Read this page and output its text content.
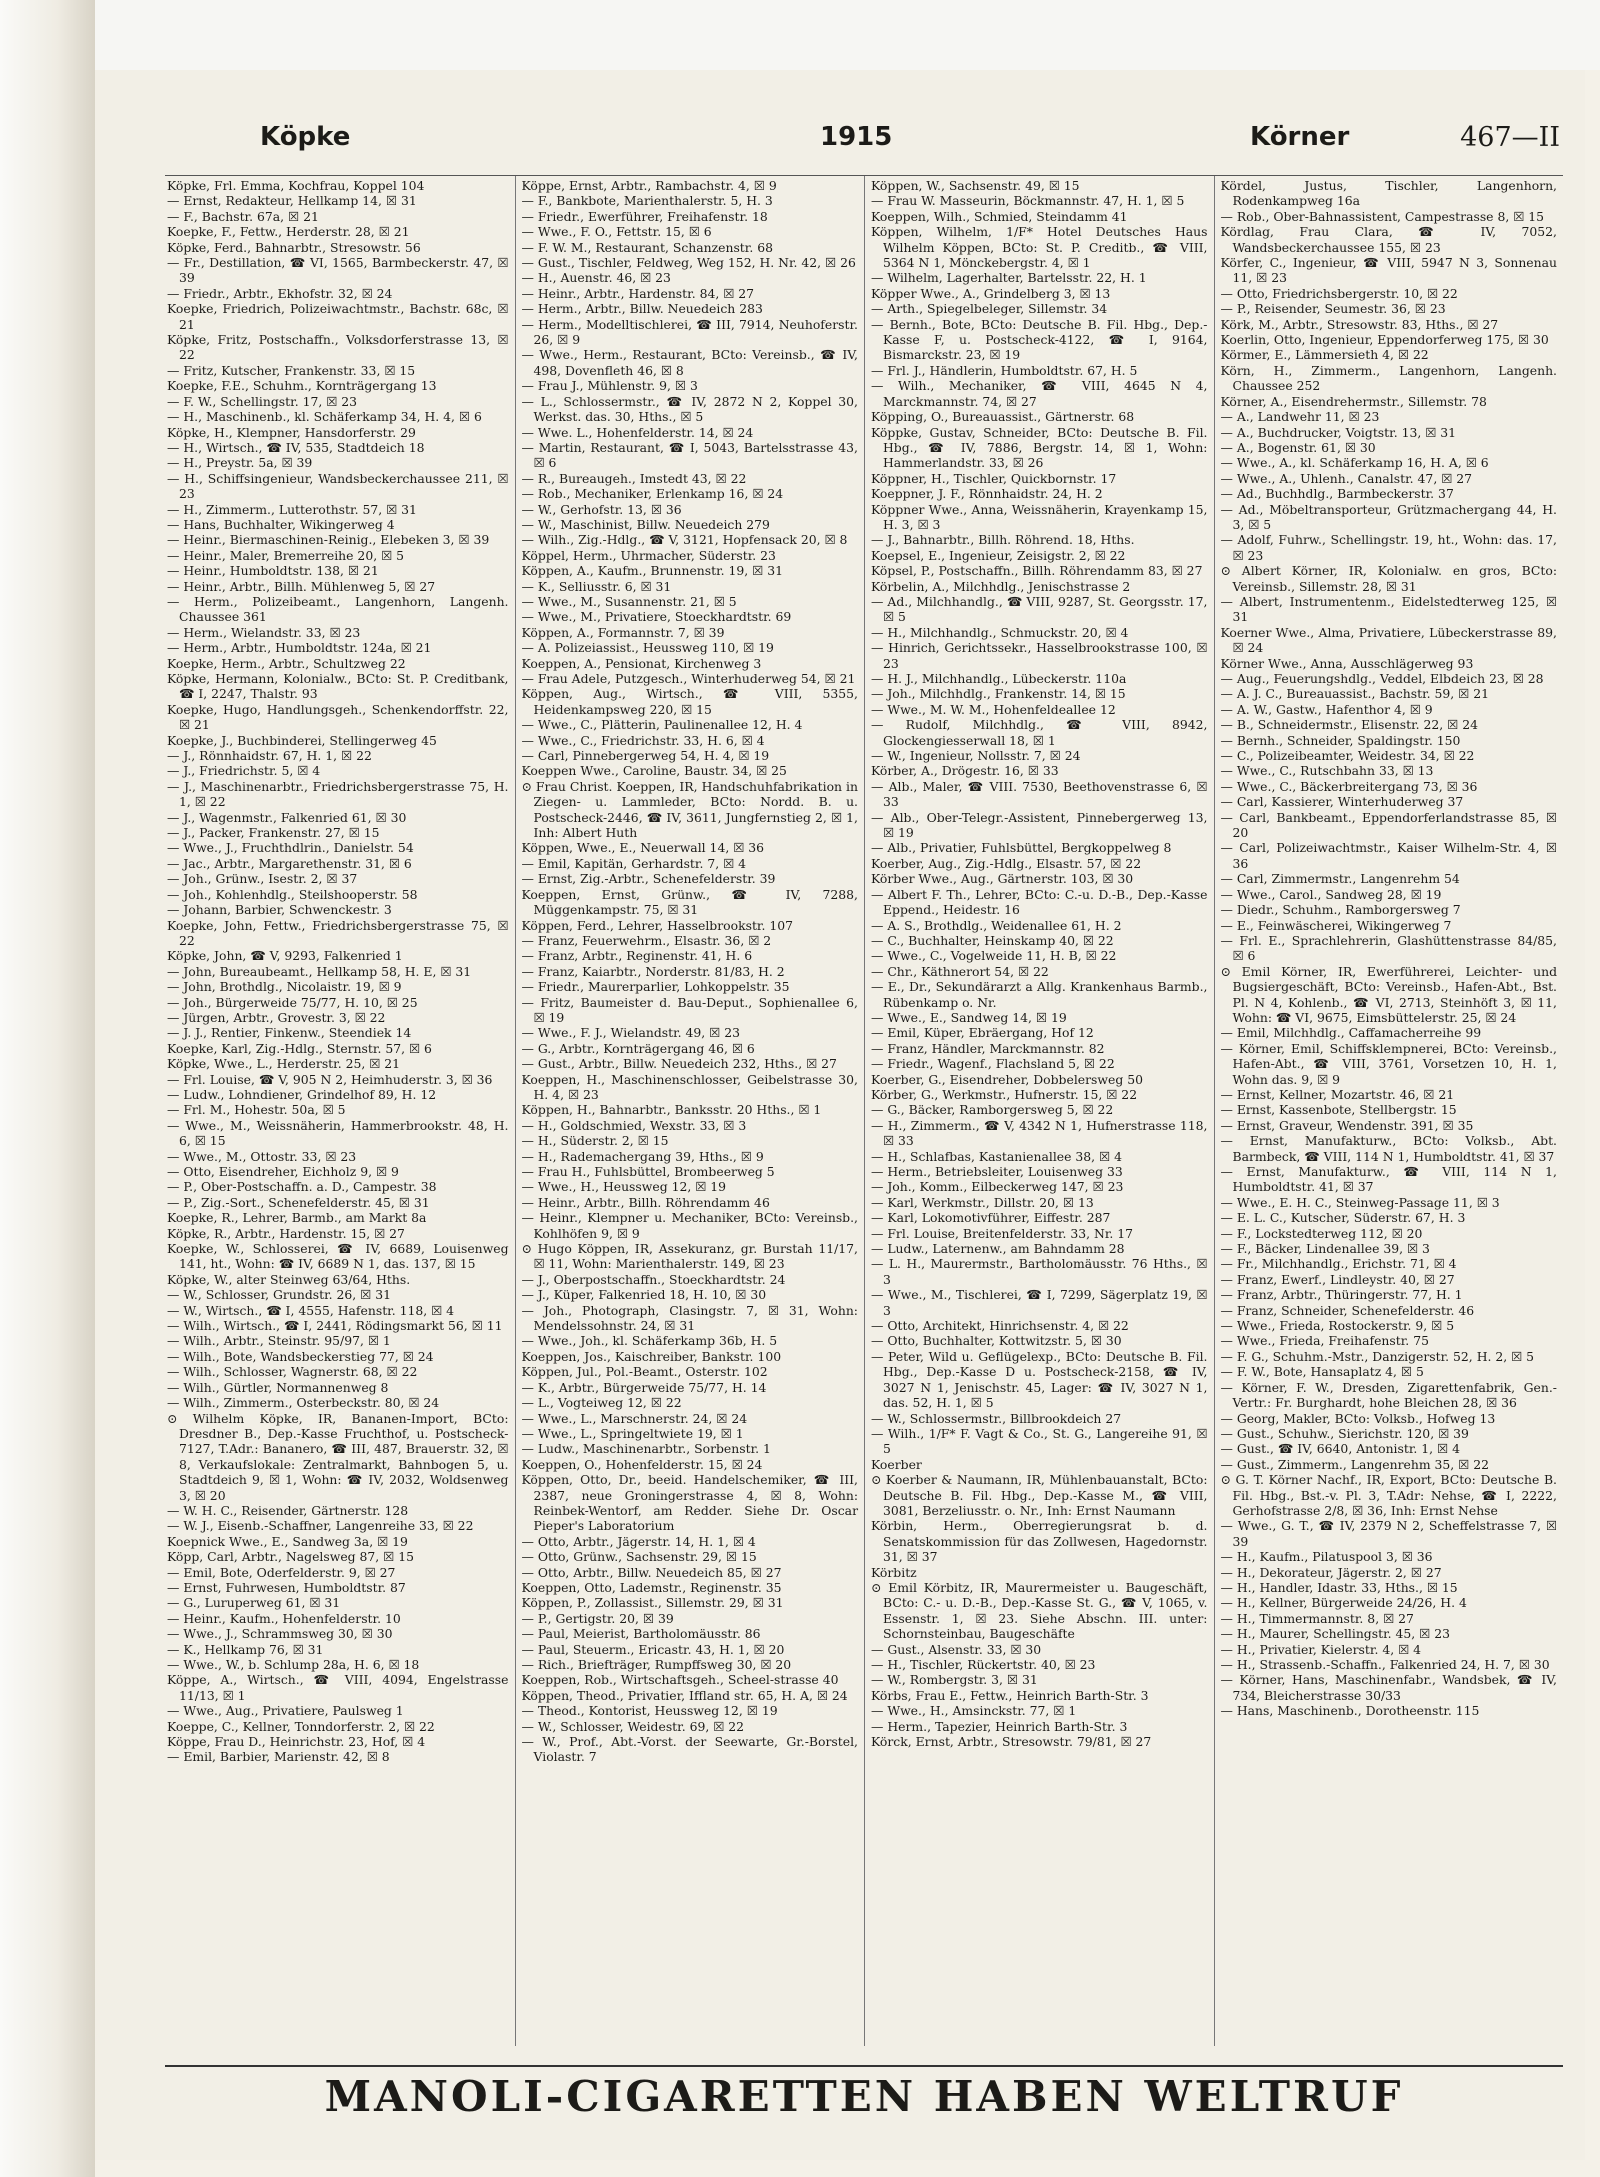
Köpke	1915	Körner	467—II

Köpke, Frl. Emma, Kochfrau, Koppel 104

— Ernst, Redakteur, Hellkamp 14, ☒ 31

— F., Bachstr. 67a, ☒ 21

Koepke, F., Fettw., Herderstr. 28, ☒ 21

Köpke, Ferd., Bahnarbtr., Stresowstr. 56

— Fr., Destillation, ☎ VI, 1565, Barmbeckerstr. 47, ☒ 39

— Friedr., Arbtr., Ekhofstr. 32, ☒ 24

Koepke, Friedrich, Polizeiwachtmstr., Bachstr. 68c, ☒ 21

Köpke, Fritz, Postschaffn., Volksdorferstrasse 13, ☒ 22

— Fritz, Kutscher, Frankenstr. 33, ☒ 15

Koepke, F.E., Schuhm., Kornträgergang 13

— F. W., Schellingstr. 17, ☒ 23

— H., Maschinenb., kl. Schäferkamp 34, H. 4, ☒ 6

Köpke, H., Klempner, Hansdorferstr. 29

— H., Wirtsch., ☎ IV, 535, Stadtdeich 18

— H., Preystr. 5a, ☒ 39

— H., Schiffsingenieur, Wandsbeckerchaussee 211, ☒ 23

— H., Zimmerm., Lutterothstr. 57, ☒ 31

— Hans, Buchhalter, Wikingerweg 4

— Heinr., Biermaschinen-Reinig., Elebeken 3, ☒ 39

— Heinr., Maler, Bremerreihe 20, ☒ 5

— Heinr., Humboldtstr. 138, ☒ 21

— Heinr., Arbtr., Billh. Mühlenweg 5, ☒ 27

— Herm., Polizeibeamt., Langenhorn, Langenh. Chaussee 361

— Herm., Wielandstr. 33, ☒ 23

— Herm., Arbtr., Humboldtstr. 124a, ☒ 21

Koepke, Herm., Arbtr., Schultzweg 22

Köpke, Hermann, Kolonialw., BCto: St. P. Creditbank, ☎ I, 2247, Thalstr. 93

Koepke, Hugo, Handlungsgeh., Schenkendorffstr. 22, ☒ 21

Koepke, J., Buchbinderei, Stellingerweg 45

— J., Rönnhaidstr. 67, H. 1, ☒ 22

— J., Friedrichstr. 5, ☒ 4

— J., Maschinenarbtr., Friedrichsbergerstrasse 75, H. 1, ☒ 22

— J., Wagenmstr., Falkenried 61, ☒ 30

— J., Packer, Frankenstr. 27, ☒ 15

— Wwe., J., Fruchthdlrin., Danielstr. 54

— Jac., Arbtr., Margarethenstr. 31, ☒ 6

— Joh., Grünw., Isestr. 2, ☒ 37

— Joh., Kohlenhdlg., Steilshooperstr. 58

— Johann, Barbier, Schwenckestr. 3

Koepke, John, Fettw., Friedrichsbergerstrasse 75, ☒ 22

Köpke, John, ☎ V, 9293, Falkenried 1

— John, Bureaubeamt., Hellkamp 58, H. E, ☒ 31

— John, Brothdlg., Nicolaistr. 19, ☒ 9

— Joh., Bürgerweide 75/77, H. 10, ☒ 25

— Jürgen, Arbtr., Grovestr. 3, ☒ 22

— J. J., Rentier, Finkenw., Steendiek 14

Koepke, Karl, Zig.-Hdlg., Sternstr. 57, ☒ 6

Köpke, Wwe., L., Herderstr. 25, ☒ 21

— Frl. Louise, ☎ V, 905 N 2, Heimhuderstr. 3, ☒ 36

— Ludw., Lohndiener, Grindelhof 89, H. 12

— Frl. M., Hohestr. 50a, ☒ 5

— Wwe., M., Weissnäherin, Hammerbrookstr. 48, H. 6, ☒ 15

— Wwe., M., Ottostr. 33, ☒ 23

— Otto, Eisendreher, Eichholz 9, ☒ 9

— P., Ober-Postschaffn. a. D., Campestr. 38

— P., Zig.-Sort., Schenefelderstr. 45, ☒ 31

Koepke, R., Lehrer, Barmb., am Markt 8a

Köpke, R., Arbtr., Hardenstr. 15, ☒ 27

Koepke, W., Schlosserei, ☎ IV, 6689, Louisenweg 141, ht., Wohn: ☎ IV, 6689 N 1, das. 137, ☒ 15

Köpke, W., alter Steinweg 63/64, Hths.

— W., Schlosser, Grundstr. 26, ☒ 31

— W., Wirtsch., ☎ I, 4555, Hafenstr. 118, ☒ 4

— Wilh., Wirtsch., ☎ I, 2441, Rödingsmarkt 56, ☒ 11

— Wilh., Arbtr., Steinstr. 95/97, ☒ 1

— Wilh., Bote, Wandsbeckerstieg 77, ☒ 24

— Wilh., Schlosser, Wagnerstr. 68, ☒ 22

— Wilh., Gürtler, Normannenweg 8

— Wilh., Zimmerm., Osterbeckstr. 80, ☒ 24

⊙ Wilhelm Köpke, IR, Bananen-Import, BCto: Dresdner B., Dep.-Kasse Fruchthof, u. Postscheck-7127, T.Adr.: Bananero, ☎ III, 487, Brauerstr. 32, ☒ 8, Verkaufslokale: Zentralmarkt, Bahnbogen 5, u. Stadtdeich 9, ☒ 1, Wohn: ☎ IV, 2032, Woldsenweg 3, ☒ 20

— W. H. C., Reisender, Gärtnerstr. 128

— W. J., Eisenb.-Schaffner, Langenreihe 33, ☒ 22

Koepnick Wwe., E., Sandweg 3a, ☒ 19

Köpp, Carl, Arbtr., Nagelsweg 87, ☒ 15

— Emil, Bote, Oderfelderstr. 9, ☒ 27

— Ernst, Fuhrwesen, Humboldtstr. 87

— G., Luruperweg 61, ☒ 31

— Heinr., Kaufm., Hohenfelderstr. 10

— Wwe., J., Schrammsweg 30, ☒ 30

— K., Hellkamp 76, ☒ 31

— Wwe., W., b. Schlump 28a, H. 6, ☒ 18

Köppe, A., Wirtsch., ☎ VIII, 4094, Engelstrasse 11/13, ☒ 1

— Wwe., Aug., Privatiere, Paulsweg 1

Koeppe, C., Kellner, Tonndorferstr. 2, ☒ 22

Köppe, Frau D., Heinrichstr. 23, Hof, ☒ 4

— Emil, Barbier, Marienstr. 42, ☒ 8

Köppe, Ernst, Arbtr., Rambachstr. 4, ☒ 9

— F., Bankbote, Marienthalerstr. 5, H. 3

— Friedr., Ewerführer, Freihafenstr. 18

— Wwe., F. O., Fettstr. 15, ☒ 6

— F. W. M., Restaurant, Schanzenstr. 68

— Gust., Tischler, Feldweg, Weg 152, H. Nr. 42, ☒ 26

— H., Auenstr. 46, ☒ 23

— Heinr., Arbtr., Hardenstr. 84, ☒ 27

— Herm., Arbtr., Billw. Neuedeich 283

— Herm., Modelltischlerei, ☎ III, 7914, Neuhoferstr. 26, ☒ 9

— Wwe., Herm., Restaurant, BCto: Vereinsb., ☎ IV, 498, Dovenfleth 46, ☒ 8

— Frau J., Mühlenstr. 9, ☒ 3

— L., Schlossermstr., ☎ IV, 2872 N 2, Koppel 30, Werkst. das. 30, Hths., ☒ 5

— Wwe. L., Hohenfelderstr. 14, ☒ 24

— Martin, Restaurant, ☎ I, 5043, Bartelsstrasse 43, ☒ 6

— R., Bureaugeh., Imstedt 43, ☒ 22

— Rob., Mechaniker, Erlenkamp 16, ☒ 24

— W., Gerhofstr. 13, ☒ 36

— W., Maschinist, Billw. Neuedeich 279

— Wilh., Zig.-Hdlg., ☎ V, 3121, Hopfensack 20, ☒ 8

Köppel, Herm., Uhrmacher, Süderstr. 23

Köppen, A., Kaufm., Brunnenstr. 19, ☒ 31

— K., Selliusstr. 6, ☒ 31

— Wwe., M., Susannenstr. 21, ☒ 5

— Wwe., M., Privatiere, Stoeckhardtstr. 69

Köppen, A., Formannstr. 7, ☒ 39

— A. Polizeiassist., Heussweg 110, ☒ 19

Koeppen, A., Pensionat, Kirchenweg 3

— Frau Adele, Putzgesch., Winterhuderweg 54, ☒ 21

Köppen, Aug., Wirtsch., ☎ VIII, 5355, Heidenkampsweg 220, ☒ 15

— Wwe., C., Plätterin, Paulinenallee 12, H. 4

— Wwe., C., Friedrichstr. 33, H. 6, ☒ 4

— Carl, Pinnebergerweg 54, H. 4, ☒ 19

Koeppen Wwe., Caroline, Baustr. 34, ☒ 25

⊙ Frau Christ. Koeppen, IR, Handschuhfabrikation in Ziegen- u. Lammleder, BCto: Nordd. B. u. Postscheck-2446, ☎ IV, 3611, Jungfernstieg 2, ☒ 1, Inh: Albert Huth

Köppen, Wwe., E., Neuerwall 14, ☒ 36

— Emil, Kapitän, Gerhardstr. 7, ☒ 4

— Ernst, Zig.-Arbtr., Schenefelderstr. 39

Koeppen, Ernst, Grünw., ☎ IV, 7288, Müggenkampstr. 75, ☒ 31

Köppen, Ferd., Lehrer, Hasselbrookstr. 107

— Franz, Feuerwehrm., Elsastr. 36, ☒ 2

— Franz, Arbtr., Reginenstr. 41, H. 6

— Franz, Kaiarbtr., Norderstr. 81/83, H. 2

— Friedr., Maurerparlier, Lohkoppelstr. 35

— Fritz, Baumeister d. Bau-Deput., Sophienallee 6, ☒ 19

— Wwe., F. J., Wielandstr. 49, ☒ 23

— G., Arbtr., Kornträgergang 46, ☒ 6

— Gust., Arbtr., Billw. Neuedeich 232, Hths., ☒ 27

Koeppen, H., Maschinenschlosser, Geibelstrasse 30, H. 4, ☒ 23

Köppen, H., Bahnarbtr., Banksstr. 20 Hths., ☒ 1

— H., Goldschmied, Wexstr. 33, ☒ 3

— H., Süderstr. 2, ☒ 15

— H., Rademachergang 39, Hths., ☒ 9

— Frau H., Fuhlsbüttel, Brombeerweg 5

— Wwe., H., Heussweg 12, ☒ 19

— Heinr., Arbtr., Billh. Röhrendamm 46

— Heinr., Klempner u. Mechaniker, BCto: Vereinsb., Kohlhöfen 9, ☒ 9

⊙ Hugo Köppen, IR, Assekuranz, gr. Burstah 11/17, ☒ 11, Wohn: Marienthalerstr. 149, ☒ 23

— J., Oberpostschaffn., Stoeckhardtstr. 24

— J., Küper, Falkenried 18, H. 10, ☒ 30

— Joh., Photograph, Clasingstr. 7, ☒ 31, Wohn: Mendelssohnstr. 24, ☒ 31

— Wwe., Joh., kl. Schäferkamp 36b, H. 5

Koeppen, Jos., Kaischreiber, Bankstr. 100

Köppen, Jul., Pol.-Beamt., Osterstr. 102

— K., Arbtr., Bürgerweide 75/77, H. 14

— L., Vogteiweg 12, ☒ 22

— Wwe., L., Marschnerstr. 24, ☒ 24

— Wwe., L., Springeltwiete 19, ☒ 1

— Ludw., Maschinenarbtr., Sorbenstr. 1

Koeppen, O., Hohenfelderstr. 15, ☒ 24

Köppen, Otto, Dr., beeid. Handelschemiker, ☎ III, 2387, neue Groningerstrasse 4, ☒ 8, Wohn: Reinbek-Wentorf, am Redder. Siehe Dr. Oscar Pieper's Laboratorium

— Otto, Arbtr., Jägerstr. 14, H. 1, ☒ 4

— Otto, Grünw., Sachsenstr. 29, ☒ 15

— Otto, Arbtr., Billw. Neuedeich 85, ☒ 27

Koeppen, Otto, Lademstr., Reginenstr. 35

Köppen, P., Zollassist., Sillemstr. 29, ☒ 31

— P., Gertigstr. 20, ☒ 39

— Paul, Meierist, Bartholomäusstr. 86

— Paul, Steuerm., Ericastr. 43, H. 1, ☒ 20

— Rich., Briefträger, Rumpffsweg 30, ☒ 20

Koeppen, Rob., Wirtschaftsgeh., Scheel-strasse 40

Köppen, Theod., Privatier, Iffland str. 65, H. A, ☒ 24

— Theod., Kontorist, Heussweg 12, ☒ 19

— W., Schlosser, Weidestr. 69, ☒ 22

— W., Prof., Abt.-Vorst. der Seewarte, Gr.-Borstel, Violastr. 7

Köppen, W., Sachsenstr. 49, ☒ 15

— Frau W. Masseurin, Böckmannstr. 47, H. 1, ☒ 5

Koeppen, Wilh., Schmied, Steindamm 41

Köppen, Wilhelm, 1/F* Hotel Deutsches Haus Wilhelm Köppen, BCto: St. P. Creditb., ☎ VIII, 5364 N 1, Mönckebergstr. 4, ☒ 1

— Wilhelm, Lagerhalter, Bartelsstr. 22, H. 1

Köpper Wwe., A., Grindelberg 3, ☒ 13

— Arth., Spiegelbeleger, Sillemstr. 34

— Bernh., Bote, BCto: Deutsche B. Fil. Hbg., Dep.-Kasse F, u. Postscheck-4122, ☎ I, 9164, Bismarckstr. 23, ☒ 19

— Frl. J., Händlerin, Humboldtstr. 67, H. 5

— Wilh., Mechaniker, ☎ VIII, 4645 N 4, Marckmannstr. 74, ☒ 27

Köpping, O., Bureauassist., Gärtnerstr. 68

Köppke, Gustav, Schneider, BCto: Deutsche B. Fil. Hbg., ☎ IV, 7886, Bergstr. 14, ☒ 1, Wohn: Hammerlandstr. 33, ☒ 26

Köppner, H., Tischler, Quickbornstr. 17

Koeppner, J. F., Rönnhaidstr. 24, H. 2

Köppner Wwe., Anna, Weissnäherin, Krayenkamp 15, H. 3, ☒ 3

— J., Bahnarbtr., Billh. Röhrend. 18, Hths.

Koepsel, E., Ingenieur, Zeisigstr. 2, ☒ 22

Köpsel, P., Postschaffn., Billh. Röhrendamm 83, ☒ 27

Körbelin, A., Milchhdlg., Jenischstrasse 2

— Ad., Milchhandlg., ☎ VIII, 9287, St. Georgsstr. 17, ☒ 5

— H., Milchhandlg., Schmuckstr. 20, ☒ 4

— Hinrich, Gerichtssekr., Hasselbrookstrasse 100, ☒ 23

— H. J., Milchhandlg., Lübeckerstr. 110a

— Joh., Milchhdlg., Frankenstr. 14, ☒ 15

— Wwe., M. W. M., Hohenfeldeallee 12

— Rudolf, Milchhdlg., ☎ VIII, 8942, Glockengiesserwall 18, ☒ 1

— W., Ingenieur, Nollsstr. 7, ☒ 24

Körber, A., Drögestr. 16, ☒ 33

— Alb., Maler, ☎ VIII. 7530, Beethovenstrasse 6, ☒ 33

— Alb., Ober-Telegr.-Assistent, Pinnebergerweg 13, ☒ 19

— Alb., Privatier, Fuhlsbüttel, Bergkoppelweg 8

Koerber, Aug., Zig.-Hdlg., Elsastr. 57, ☒ 22

Körber Wwe., Aug., Gärtnerstr. 103, ☒ 30

— Albert F. Th., Lehrer, BCto: C.-u. D.-B., Dep.-Kasse Eppend., Heidestr. 16

— A. S., Brothdlg., Weidenallee 61, H. 2

— C., Buchhalter, Heinskamp 40, ☒ 22

— Wwe., C., Vogelweide 11, H. B, ☒ 22

— Chr., Käthnerort 54, ☒ 22

— E., Dr., Sekundärarzt a Allg. Krankenhaus Barmb., Rübenkamp o. Nr.

— Wwe., E., Sandweg 14, ☒ 19

— Emil, Küper, Ebräergang, Hof 12

— Franz, Händler, Marckmannstr. 82

— Friedr., Wagenf., Flachsland 5, ☒ 22

Koerber, G., Eisendreher, Dobbelersweg 50

Körber, G., Werkmstr., Hufnerstr. 15, ☒ 22

— G., Bäcker, Ramborgersweg 5, ☒ 22

— H., Zimmerm., ☎ V, 4342 N 1, Hufnerstrasse 118, ☒ 33

— H., Schlafbas, Kastanienallee 38, ☒ 4

— Herm., Betriebsleiter, Louisenweg 33

— Joh., Komm., Eilbeckerweg 147, ☒ 23

— Karl, Werkmstr., Dillstr. 20, ☒ 13

— Karl, Lokomotivführer, Eiffestr. 287

— Frl. Louise, Breitenfelderstr. 33, Nr. 17

— Ludw., Laternenw., am Bahndamm 28

— L. H., Maurermstr., Bartholomäusstr. 76 Hths., ☒ 3

— Wwe., M., Tischlerei, ☎ I, 7299, Sägerplatz 19, ☒ 3

— Otto, Architekt, Hinrichsenstr. 4, ☒ 22

— Otto, Buchhalter, Kottwitzstr. 5, ☒ 30

— Peter, Wild u. Geflügelexp., BCto: Deutsche B. Fil. Hbg., Dep.-Kasse D u. Postscheck-2158, ☎ IV, 3027 N 1, Jenischstr. 45, Lager: ☎ IV, 3027 N 1, das. 52, H. 1, ☒ 5

— W., Schlossermstr., Billbrookdeich 27

— Wilh., 1/F* F. Vagt & Co., St. G., Langereihe 91, ☒ 5

Koerber

⊙ Koerber & Naumann, IR, Mühlenbauanstalt, BCto: Deutsche B. Fil. Hbg., Dep.-Kasse M., ☎ VIII, 3081, Berzeliusstr. o. Nr., Inh: Ernst Naumann

Körbin, Herm., Oberregierungsrat b. d. Senatskommission für das Zollwesen, Hagedornstr. 31, ☒ 37

Körbitz

⊙ Emil Körbitz, IR, Maurermeister u. Baugeschäft, BCto: C.- u. D.-B., Dep.-Kasse St. G., ☎ V, 1065, v. Essenstr. 1, ☒ 23. Siehe Abschn. III. unter: Schornsteinbau, Baugeschäfte

— Gust., Alsenstr. 33, ☒ 30

— H., Tischler, Rückertstr. 40, ☒ 23

— W., Rombergstr. 3, ☒ 31

Körbs, Frau E., Fettw., Heinrich Barth-Str. 3

— Wwe., H., Amsinckstr. 77, ☒ 1

— Herm., Tapezier, Heinrich Barth-Str. 3

Körck, Ernst, Arbtr., Stresowstr. 79/81, ☒ 27

Kördel, Justus, Tischler, Langenhorn, Rodenkampweg 16a

— Rob., Ober-Bahnassistent, Campestrasse 8, ☒ 15

Kördlag, Frau Clara, ☎ IV, 7052, Wandsbeckerchaussee 155, ☒ 23

Körfer, C., Ingenieur, ☎ VIII, 5947 N 3, Sonnenau 11, ☒ 23

— Otto, Friedrichsbergerstr. 10, ☒ 22

— P., Reisender, Seumestr. 36, ☒ 23

Körk, M., Arbtr., Stresowstr. 83, Hths., ☒ 27

Koerlin, Otto, Ingenieur, Eppendorferweg 175, ☒ 30

Körmer, E., Lämmersieth 4, ☒ 22

Körn, H., Zimmerm., Langenhorn, Langenh. Chaussee 252

Körner, A., Eisendrehermstr., Sillemstr. 78

— A., Landwehr 11, ☒ 23

— A., Buchdrucker, Voigtstr. 13, ☒ 31

— A., Bogenstr. 61, ☒ 30

— Wwe., A., kl. Schäferkamp 16, H. A, ☒ 6

— Wwe., A., Uhlenh., Canalstr. 47, ☒ 27

— Ad., Buchhdlg., Barmbeckerstr. 37

— Ad., Möbeltransporteur, Grützmachergang 44, H. 3, ☒ 5

— Adolf, Fuhrw., Schellingstr. 19, ht., Wohn: das. 17, ☒ 23

⊙ Albert Körner, IR, Kolonialw. en gros, BCto: Vereinsb., Sillemstr. 28, ☒ 31

— Albert, Instrumentenm., Eidelstedterweg 125, ☒ 31

Koerner Wwe., Alma, Privatiere, Lübeckerstrasse 89, ☒ 24

Körner Wwe., Anna, Ausschlägerweg 93

— Aug., Feuerungshdlg., Veddel, Elbdeich 23, ☒ 28

— A. J. C., Bureauassist., Bachstr. 59, ☒ 21

— A. W., Gastw., Hafenthor 4, ☒ 9

— B., Schneidermstr., Elisenstr. 22, ☒ 24

— Bernh., Schneider, Spaldingstr. 150

— C., Polizeibeamter, Weidestr. 34, ☒ 22

— Wwe., C., Rutschbahn 33, ☒ 13

— Wwe., C., Bäckerbreitergang 73, ☒ 36

— Carl, Kassierer, Winterhuderweg 37

— Carl, Bankbeamt., Eppendorferlandstrasse 85, ☒ 20

— Carl, Polizeiwachtmstr., Kaiser Wilhelm-Str. 4, ☒ 36

— Carl, Zimmermstr., Langenrehm 54

— Wwe., Carol., Sandweg 28, ☒ 19

— Diedr., Schuhm., Ramborgersweg 7

— E., Feinwäscherei, Wikingerweg 7

— Frl. E., Sprachlehrerin, Glashüttenstrasse 84/85, ☒ 6

⊙ Emil Körner, IR, Ewerführerei, Leichter- und Bugsiergeschäft, BCto: Vereinsb., Hafen-Abt., Bst. Pl. N 4, Kohlenb., ☎ VI, 2713, Steinhöft 3, ☒ 11, Wohn: ☎ VI, 9675, Eimsbüttelerstr. 25, ☒ 24

— Emil, Milchhdlg., Caffamacherreihe 99

— Körner, Emil, Schiffsklempnerei, BCto: Vereinsb., Hafen-Abt., ☎ VIII, 3761, Vorsetzen 10, H. 1, Wohn das. 9, ☒ 9

— Ernst, Kellner, Mozartstr. 46, ☒ 21

— Ernst, Kassenbote, Stellbergstr. 15

— Ernst, Graveur, Wendenstr. 391, ☒ 35

— Ernst, Manufakturw., BCto: Volksb., Abt. Barmbeck, ☎ VIII, 114 N 1, Humboldtstr. 41, ☒ 37

— Ernst, Manufakturw., ☎ VIII, 114 N 1, Humboldtstr. 41, ☒ 37

— Wwe., E. H. C., Steinweg-Passage 11, ☒ 3

— E. L. C., Kutscher, Süderstr. 67, H. 3

— F., Lockstedterweg 112, ☒ 20

— F., Bäcker, Lindenallee 39, ☒ 3

— Fr., Milchhandlg., Erichstr. 71, ☒ 4

— Franz, Ewerf., Lindleystr. 40, ☒ 27

— Franz, Arbtr., Thüringerstr. 77, H. 1

— Franz, Schneider, Schenefelderstr. 46

— Wwe., Frieda, Rostockerstr. 9, ☒ 5

— Wwe., Frieda, Freihafenstr. 75

— F. G., Schuhm.-Mstr., Danzigerstr. 52, H. 2, ☒ 5

— F. W., Bote, Hansaplatz 4, ☒ 5

— Körner, F. W., Dresden, Zigarettenfabrik, Gen.-Vertr.: Fr. Burghardt, hohe Bleichen 28, ☒ 36

— Georg, Makler, BCto: Volksb., Hofweg 13

— Gust., Schuhw., Sierichstr. 120, ☒ 39

— Gust., ☎ IV, 6640, Antonistr. 1, ☒ 4

— Gust., Zimmerm., Langenrehm 35, ☒ 22

⊙ G. T. Körner Nachf., IR, Export, BCto: Deutsche B. Fil. Hbg., Bst.-v. Pl. 3, T.Adr: Nehse, ☎ I, 2222, Gerhofstrasse 2/8, ☒ 36, Inh: Ernst Nehse

— Wwe., G. T., ☎ IV, 2379 N 2, Scheffelstrasse 7, ☒ 39

— H., Kaufm., Pilatuspool 3, ☒ 36

— H., Dekorateur, Jägerstr. 2, ☒ 27

— H., Handler, Idastr. 33, Hths., ☒ 15

— H., Kellner, Bürgerweide 24/26, H. 4

— H., Timmermannstr. 8, ☒ 27

— H., Maurer, Schellingstr. 45, ☒ 23

— H., Privatier, Kielerstr. 4, ☒ 4

— H., Strassenb.-Schaffn., Falkenried 24, H. 7, ☒ 30

— Körner, Hans, Maschinenfabr., Wandsbek, ☎ IV, 734, Bleicherstrasse 30/33

— Hans, Maschinenb., Dorotheenstr. 115

MANOLI-CIGARETTEN HABEN WELTRUF
